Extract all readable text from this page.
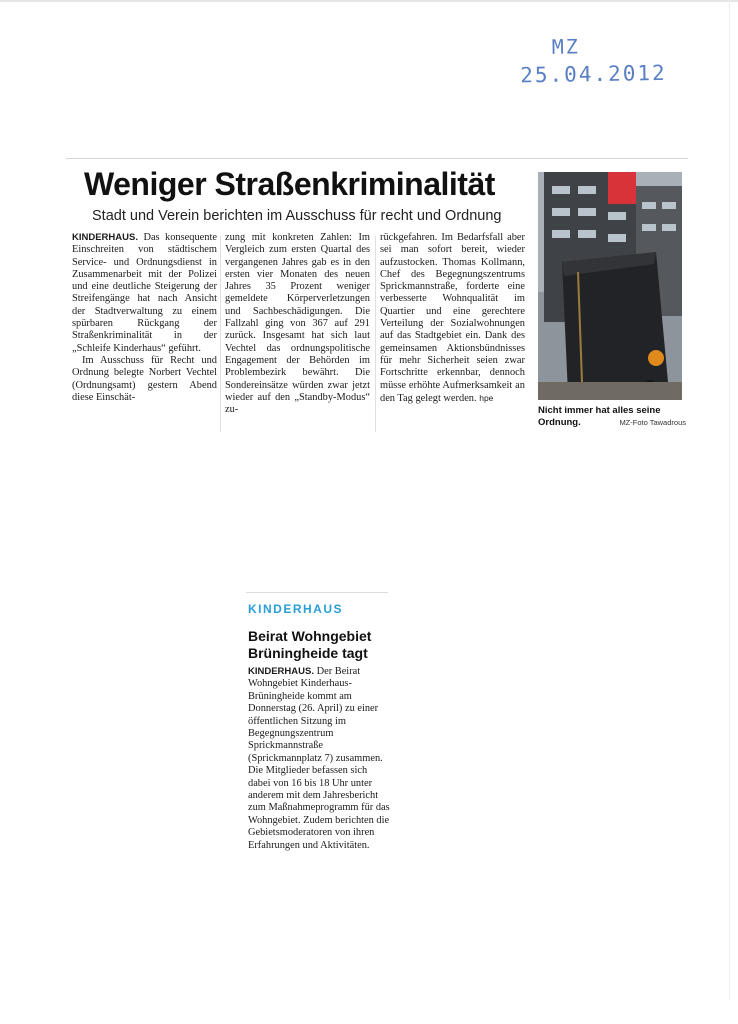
MZ
25.04.2012
Weniger Straßenkriminalität
Stadt und Verein berichten im Ausschuss für recht und Ordnung

KINDERHAUS. Das konsequente Einschreiten von städtischem Service- und Ordnungsdienst in Zusammenarbeit mit der Polizei und eine deutliche Steigerung der Streifengänge hat nach Ansicht der Stadtverwaltung zu einem spürbaren Rückgang der Straßenkriminalität in der „Schleife Kinderhaus“ geführt.

Im Ausschuss für Recht und Ordnung belegte Norbert Vechtel (Ordnungsamt) gestern Abend diese Einschät-

zung mit konkreten Zahlen: Im Vergleich zum ersten Quartal des vergangenen Jahres gab es in den ersten vier Monaten des neuen Jahres 35 Prozent weniger gemeldete Körperverletzungen und Sachbeschädigungen. Die Fallzahl ging von 367 auf 291 zurück. Insgesamt hat sich laut Vechtel das ordnungspolitische Engagement der Behörden im Problembezirk bewährt. Die Sondereinsätze würden zwar jetzt wieder auf den „Standby-Modus“ zu-

rückgefahren. Im Bedarfsfall aber sei man sofort bereit, wieder aufzustocken. Thomas Kollmann, Chef des Begegnungszentrums Sprickmannstraße, forderte eine verbesserte Wohnqualität im Quartier und eine gerechtere Verteilung der Sozialwohnungen auf das Stadtgebiet ein. Dank des gemeinsamen Aktionsbündnisses für mehr Sicherheit seien zwar Fortschritte erkennbar, dennoch müsse erhöhte Aufmerksamkeit an den Tag gelegt werden. hpe

Nicht immer hat alles seine Ordnung.	MZ-Foto Tawadrous
KINDERHAUS
Beirat Wohngebiet Brüningheide tagt

KINDERHAUS. Der Beirat Wohngebiet Kinderhaus-Brüningheide kommt am Donnerstag (26. April) zu einer öffentlichen Sitzung im Begegnungszentrum Sprickmannstraße (Sprickmannplatz 7) zusammen. Die Mitglieder befassen sich dabei von 16 bis 18 Uhr unter anderem mit dem Jahresbericht zum Maßnahmeprogramm für das Wohngebiet. Zudem berichten die Gebietsmoderatoren von ihren Erfahrungen und Aktivitäten.
